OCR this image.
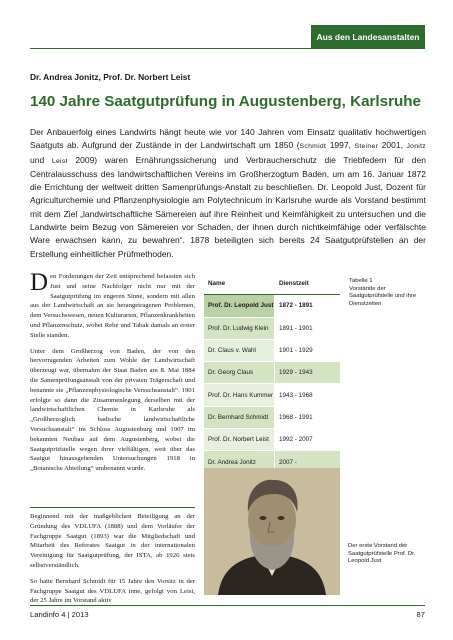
Aus den Landesanstalten
Dr. Andrea Jonitz, Prof. Dr. Norbert Leist
140 Jahre Saatgutprüfung in Augustenberg, Karlsruhe
Der Anbauerfolg eines Landwirts hängt heute wie vor 140 Jahren vom Einsatz qualitativ hochwertigen Saatguts ab. Aufgrund der Zustände in der Landwirtschaft um 1850 (Schmidt 1997, Steiner 2001, Jonitz und Leist 2009) waren Ernährungssicherung und Verbraucherschutz die Triebfedern für den Centralausschuss des landwirtschaftlichen Vereins im Großherzogtum Baden, um am 16. Januar 1872 die Errichtung der weltweit dritten Samenprüfungs-Anstalt zu beschließen. Dr. Leopold Just, Dozent für Agriculturchemie und Pflanzenphysiologie am Polytechnicum in Karlsruhe wurde als Vorstand bestimmt mit dem Ziel „landwirtschaftliche Sämereien auf ihre Reinheit und Keimfähigkeit zu untersuchen und die Landwirte beim Bezug von Sämereien vor Schaden, der ihnen durch nichtkeimfähige oder verfälschte Ware erwachsen kann, zu bewahren“. 1878 beteiligten sich bereits 24 Saatgutprüfstellen an der Erstellung einheitlicher Prüfmethoden.

Den Forderungen der Zeit entsprechend befassten sich Just und seine Nachfolger nicht nur mit der Saatgutprüfung im engeren Sinne, sondern mit allen aus der Landwirtschaft an sie herangetragenen Problemen, dem Versuchswesen, neuen Kulturarten, Pflanzenkrankheiten und Pflanzenschutz, wobei Rebe und Tabak damals an erster Stelle standen.

Unter dem Großherzog von Baden, der von den hervorragenden Arbeiten zum Wohle der Landwirtschaft überzeugt war, übernahm der Staat Baden am 8. Mai 1884 die Samenprüfungsanstalt von der privaten Trägerschaft und benannte sie „Pflanzenphysiologische Versuchsanstalt“. 1901 erfolgte so dann die Zusammenlegung derselben mit der landwirtschaftlichen Chemie in Karlsruhe als „Großherzoglich badische landwirtschaftliche Versuchsanstalt“ im Schloss Augustenburg und 1907 im bekannten Neubau auf dem Augustenberg, wobei die Saatgutprüfstelle wegen ihrer vielfältigen, weit über das Saatgut hinausgehenden Untersuchungen 1918 in „Botanische Abteilung“ umbenannt wurde.

Beginnend mit der maßgeblichen Beteiligung an der Gründung des VDLUFA (1888) und dem Vorläufer der Fachgruppe Saatgut (1893) war die Mitgliedschaft und Mitarbeit des Referates Saatgut in der internationalen Vereinigung für Saatgutprüfung, der ISTA, ab 1926 stets selbstverständlich.

So hatte Bernhard Schmidt für 15 Jahre den Vorsitz in der Fachgruppe Saatgut des VDLUFA inne, gefolgt von Leist, der 25 Jahre im Vorstand aktiv

Name	Dienstzeit
Prof. Dr. Leopold Just 1872 - 1891
Prof. Dr. Ludwig Klein	1891 - 1901
Dr. Claus v. Wahl	1901 - 1929
Dr. Georg Claus	1929 - 1943
Prof. Dr. Hans Kummer 1943 - 1968
Dr. Bernhard Schmidt	1968 - 1991
Prof. Dr. Norbert Leist	1992 - 2007
Dr. Andrea Jonitz	2007 -
Tabelle 1
Vorstände der Saatgutprüfstelle und ihre Dienstzeiten
Der erste Vorstand der Saatgutprüfstelle Prof. Dr. Leopold Just
Landinfo 4 | 2013	87
